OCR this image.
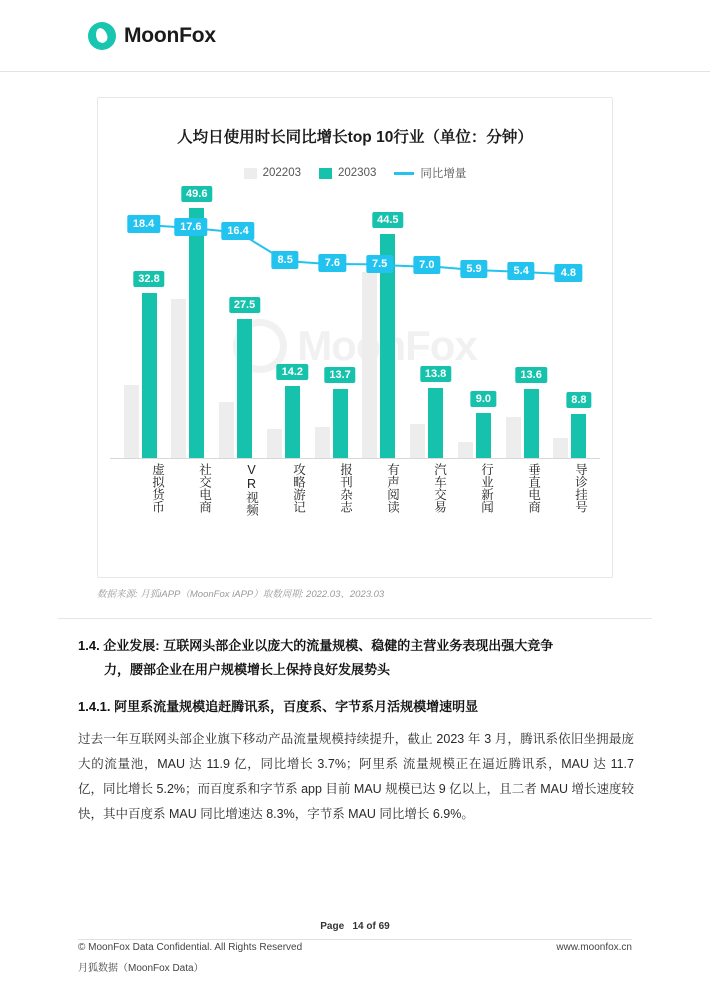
MoonFox
人均日使用时长同比增长top 10行业（单位：分钟）
202203	202303	同比增量
18.4	17.6	16.4
8.5	7.6	7.5	7.0	5.9	5.4	4.8
32.8
49.6
27.5
14.2	13.7
44.5
13.8
9.0
13.6
8.8
虚拟货币	社交电商	VR视频	攻略游记	报刊杂志	有声阅读	汽车交易	行业新闻	垂直电商	导诊挂号
数据来源: 月狐iAPP（MoonFox iAPP）取数周期: 2022.03、2023.03
1.4. 企业发展: 互联网头部企业以庞大的流量规模、稳健的主营业务表现出强大竞争
力，腰部企业在用户规模增长上保持良好发展势头
1.4.1. 阿里系流量规模追赶腾讯系，百度系、字节系月活规模增速明显

过去一年互联网头部企业旗下移动产品流量规模持续提升，截止 2023 年 3 月，腾讯系依旧坐拥最庞大的流量池，MAU 达 11.9 亿，同比增长 3.7%；阿里系 流量规模正在逼近腾讯系，MAU 达 11.7 亿，同比增长 5.2%；而百度系和字节系 app 目前 MAU 规模已达 9 亿以上，且二者 MAU 增长速度较快，其中百度系 MAU 同比增速达 8.3%，字节系 MAU 同比增长 6.9%。

Page 14 of 69
© MoonFox Data Confidential. All Rights Reserved	www.moonfox.cn
月狐数据（MoonFox Data）
